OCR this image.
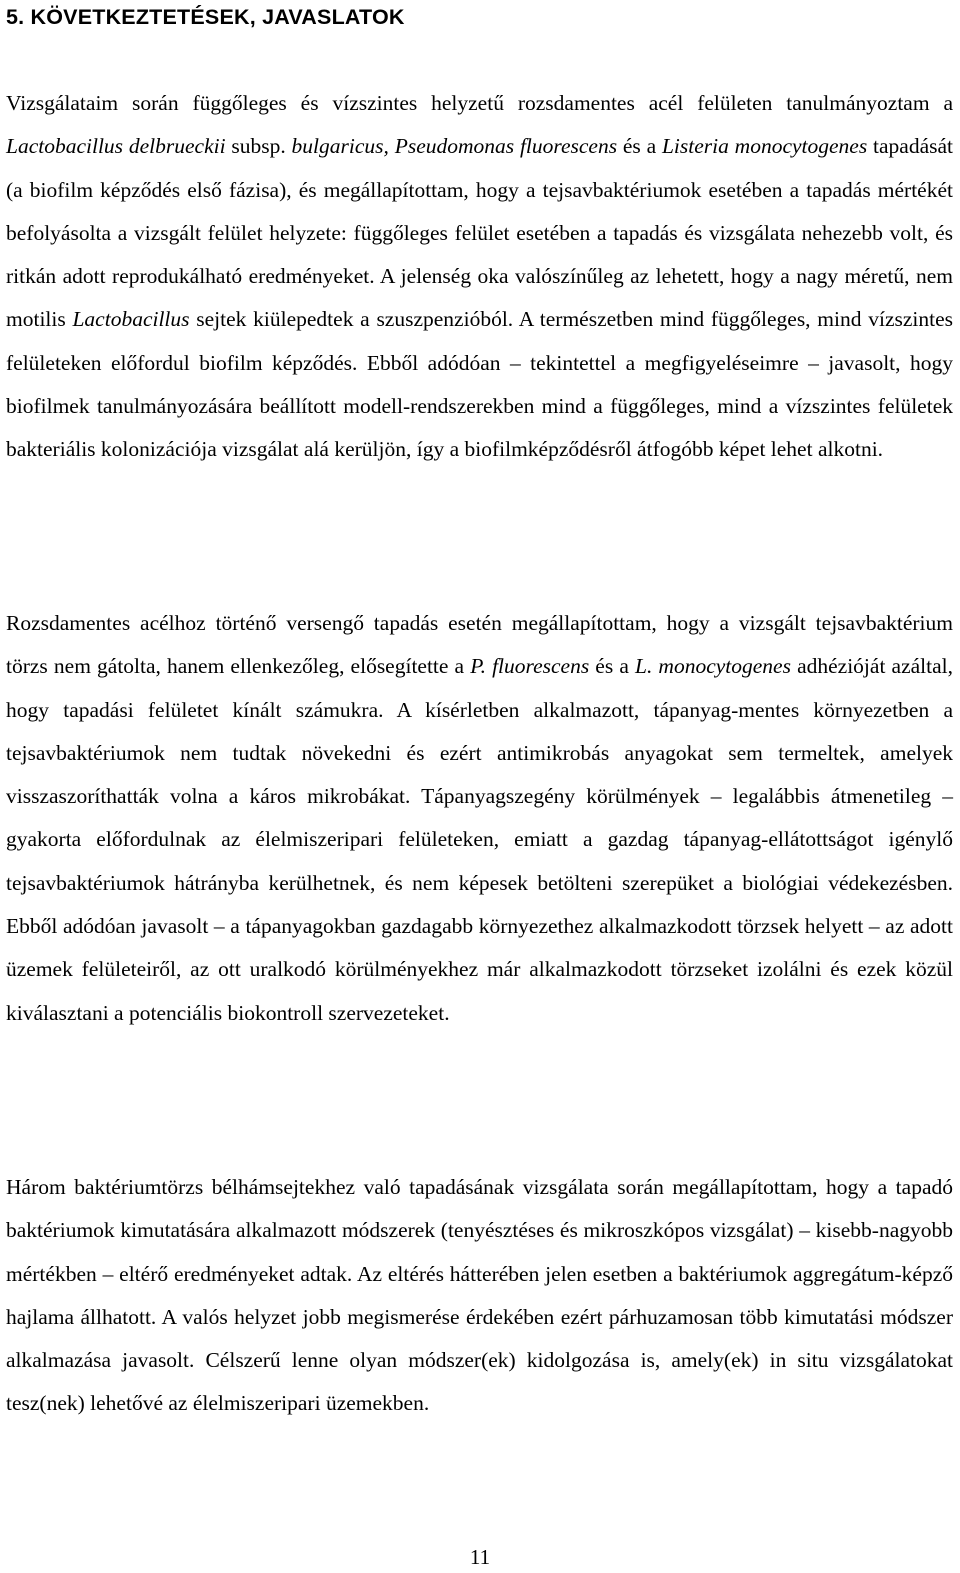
5. KÖVETKEZTETÉSEK, JAVASLATOK

Vizsgálataim során függőleges és vízszintes helyzetű rozsdamentes acél felületen tanulmányoztam a Lactobacillus delbrueckii subsp. bulgaricus, Pseudomonas fluorescens és a Listeria monocytogenes tapadását (a biofilm képződés első fázisa), és megállapítottam, hogy a tejsavbaktériumok esetében a tapadás mértékét befolyásolta a vizsgált felület helyzete: függőleges felület esetében a tapadás és vizsgálata nehezebb volt, és ritkán adott reprodukálható eredményeket. A jelenség oka valószínűleg az lehetett, hogy a nagy méretű, nem motilis Lactobacillus sejtek kiülepedtek a szuszpenzióból. A természetben mind függőleges, mind vízszintes felületeken előfordul biofilm képződés. Ebből adódóan – tekintettel a megfigyeléseimre – javasolt, hogy biofilmek tanulmányozására beállított modell-rendszerekben mind a függőleges, mind a vízszintes felületek bakteriális kolonizációja vizsgálat alá kerüljön, így a biofilmképződésről átfogóbb képet lehet alkotni.

Rozsdamentes acélhoz történő versengő tapadás esetén megállapítottam, hogy a vizsgált tejsavbaktérium törzs nem gátolta, hanem ellenkezőleg, elősegítette a P. fluorescens és a L. monocytogenes adhézióját azáltal, hogy tapadási felületet kínált számukra. A kísérletben alkalmazott, tápanyag-mentes környezetben a tejsavbaktériumok nem tudtak növekedni és ezért antimikrobás anyagokat sem termeltek, amelyek visszaszoríthatták volna a káros mikrobákat. Tápanyagszegény körülmények – legalábbis átmenetileg – gyakorta előfordulnak az élelmiszeripari felületeken, emiatt a gazdag tápanyag-ellátottságot igénylő tejsavbaktériumok hátrányba kerülhetnek, és nem képesek betölteni szerepüket a biológiai védekezésben. Ebből adódóan javasolt – a tápanyagokban gazdagabb környezethez alkalmazkodott törzsek helyett – az adott üzemek felületeiről, az ott uralkodó körülményekhez már alkalmazkodott törzseket izolálni és ezek közül kiválasztani a potenciális biokontroll szervezeteket.

Három baktériumtörzs bélhámsejtekhez való tapadásának vizsgálata során megállapítottam, hogy a tapadó baktériumok kimutatására alkalmazott módszerek (tenyésztéses és mikroszkópos vizsgálat) – kisebb-nagyobb mértékben – eltérő eredményeket adtak. Az eltérés hátterében jelen esetben a baktériumok aggregátum-képző hajlama állhatott. A valós helyzet jobb megismerése érdekében ezért párhuzamosan több kimutatási módszer alkalmazása javasolt. Célszerű lenne olyan módszer(ek) kidolgozása is, amely(ek) in situ vizsgálatokat tesz(nek) lehetővé az élelmiszeripari üzemekben.

11
